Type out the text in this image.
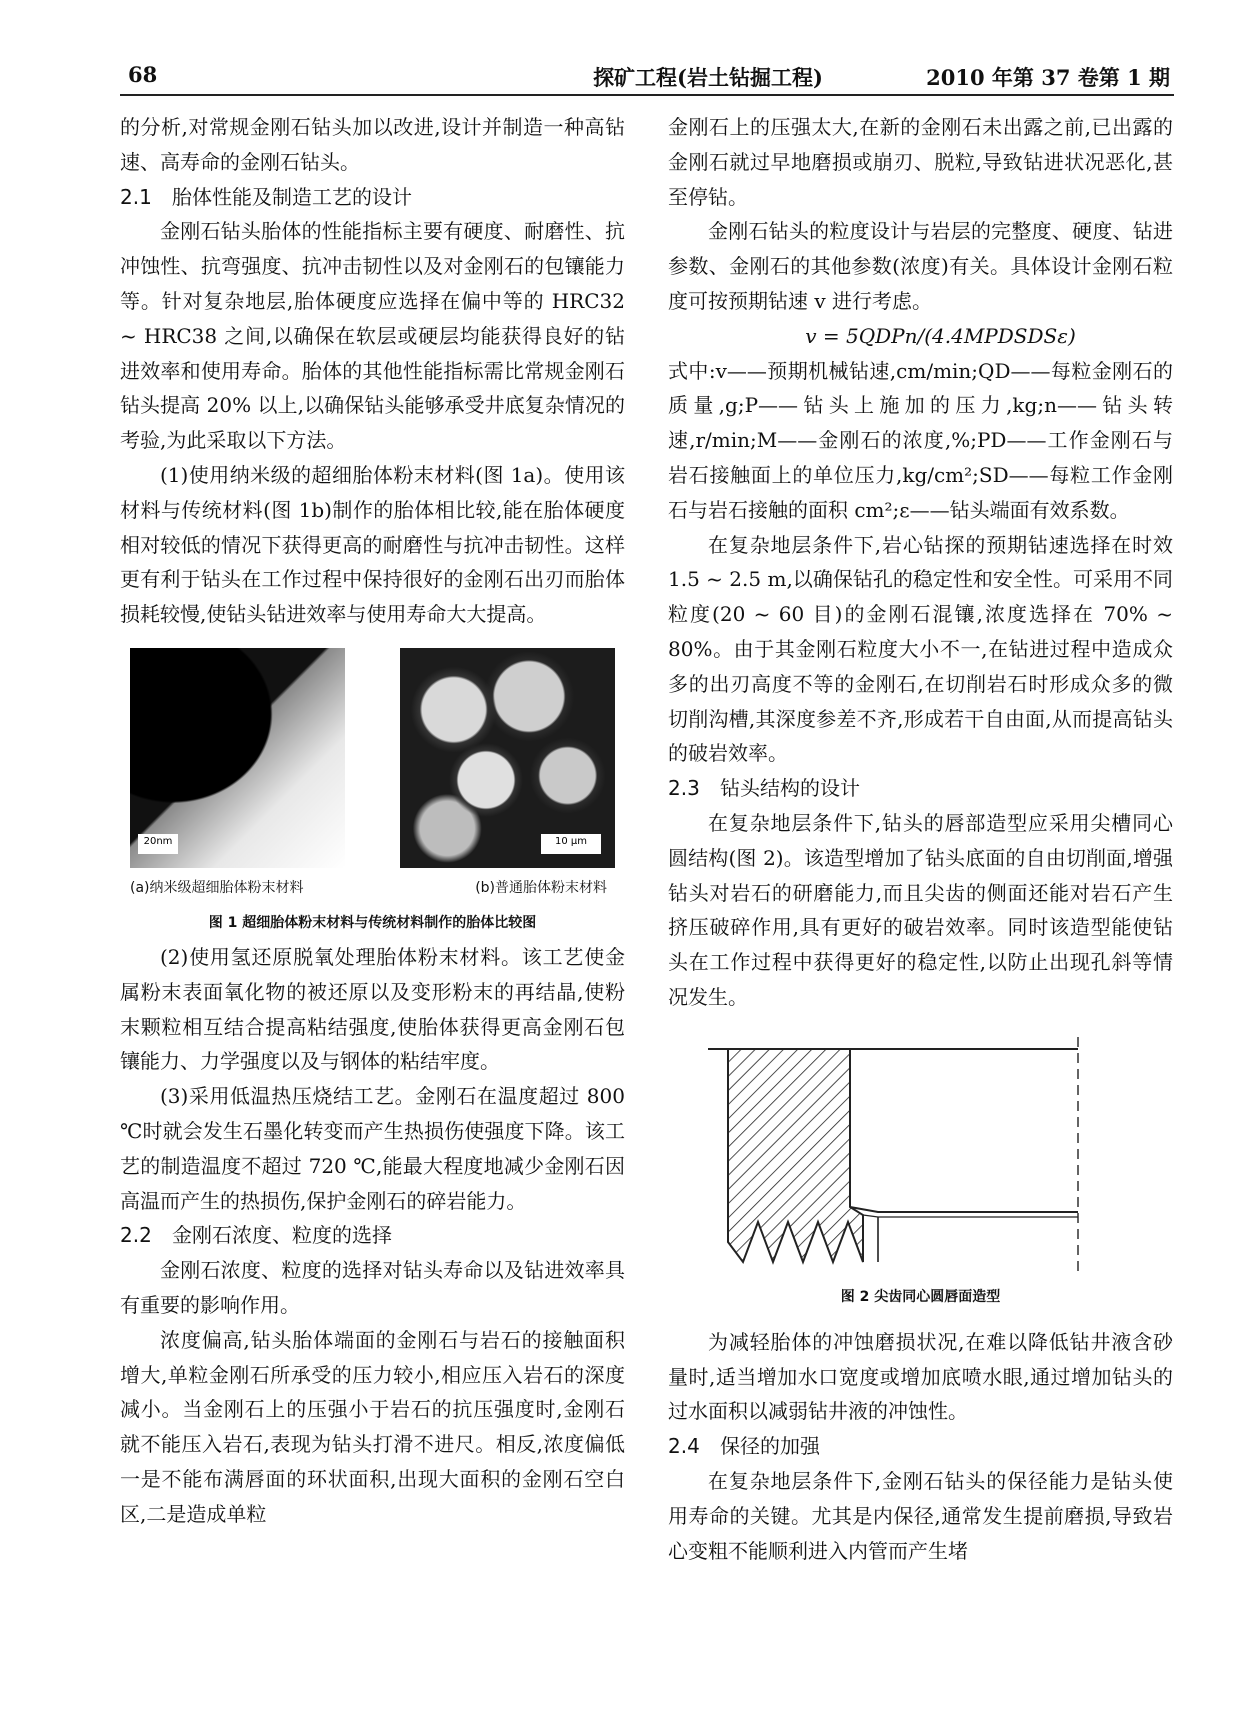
68	探矿工程(岩土钻掘工程)	2010 年第 37 卷第 1 期

的分析,对常规金刚石钻头加以改进,设计并制造一种高钻速、高寿命的金刚石钻头。

2.1 胎体性能及制造工艺的设计

金刚石钻头胎体的性能指标主要有硬度、耐磨性、抗冲蚀性、抗弯强度、抗冲击韧性以及对金刚石的包镶能力等。针对复杂地层,胎体硬度应选择在偏中等的 HRC32 ~ HRC38 之间,以确保在软层或硬层均能获得良好的钻进效率和使用寿命。胎体的其他性能指标需比常规金刚石钻头提高 20% 以上,以确保钻头能够承受井底复杂情况的考验,为此采取以下方法。

(1)使用纳米级的超细胎体粉末材料(图 1a)。使用该材料与传统材料(图 1b)制作的胎体相比较,能在胎体硬度相对较低的情况下获得更高的耐磨性与抗冲击韧性。这样更有利于钻头在工作过程中保持很好的金刚石出刃而胎体损耗较慢,使钻头钻进效率与使用寿命大大提高。

20nm	10 μm
(a)纳米级超细胎体粉末材料	(b)普通胎体粉末材料
图 1 超细胎体粉末材料与传统材料制作的胎体比较图

(2)使用氢还原脱氧处理胎体粉末材料。该工艺使金属粉末表面氧化物的被还原以及变形粉末的再结晶,使粉末颗粒相互结合提高粘结强度,使胎体获得更高金刚石包镶能力、力学强度以及与钢体的粘结牢度。

(3)采用低温热压烧结工艺。金刚石在温度超过 800 ℃时就会发生石墨化转变而产生热损伤使强度下降。该工艺的制造温度不超过 720 ℃,能最大程度地减少金刚石因高温而产生的热损伤,保护金刚石的碎岩能力。

2.2 金刚石浓度、粒度的选择

金刚石浓度、粒度的选择对钻头寿命以及钻进效率具有重要的影响作用。

浓度偏高,钻头胎体端面的金刚石与岩石的接触面积增大,单粒金刚石所承受的压力较小,相应压入岩石的深度减小。当金刚石上的压强小于岩石的抗压强度时,金刚石就不能压入岩石,表现为钻头打滑不进尺。相反,浓度偏低一是不能布满唇面的环状面积,出现大面积的金刚石空白区,二是造成单粒

金刚石上的压强太大,在新的金刚石未出露之前,已出露的金刚石就过早地磨损或崩刃、脱粒,导致钻进状况恶化,甚至停钻。

金刚石钻头的粒度设计与岩层的完整度、硬度、钻进参数、金刚石的其他参数(浓度)有关。具体设计金刚石粒度可按预期钻速 v 进行考虑。

v = 5QDPn/(4.4MPDSDSε)

式中:v——预期机械钻速,cm/min;QD——每粒金刚石的质量,g;P——钻头上施加的压力,kg;n——钻头转速,r/min;M——金刚石的浓度,%;PD——工作金刚石与岩石接触面上的单位压力,kg/cm²;SD——每粒工作金刚石与岩石接触的面积 cm²;ε——钻头端面有效系数。

在复杂地层条件下,岩心钻探的预期钻速选择在时效 1.5 ~ 2.5 m,以确保钻孔的稳定性和安全性。可采用不同粒度(20 ~ 60 目)的金刚石混镶,浓度选择在 70% ~ 80%。由于其金刚石粒度大小不一,在钻进过程中造成众多的出刃高度不等的金刚石,在切削岩石时形成众多的微切削沟槽,其深度参差不齐,形成若干自由面,从而提高钻头的破岩效率。

2.3 钻头结构的设计

在复杂地层条件下,钻头的唇部造型应采用尖槽同心圆结构(图 2)。该造型增加了钻头底面的自由切削面,增强钻头对岩石的研磨能力,而且尖齿的侧面还能对岩石产生挤压破碎作用,具有更好的破岩效率。同时该造型能使钻头在工作过程中获得更好的稳定性,以防止出现孔斜等情况发生。

图 2 尖齿同心圆唇面造型

为减轻胎体的冲蚀磨损状况,在难以降低钻井液含砂量时,适当增加水口宽度或增加底喷水眼,通过增加钻头的过水面积以减弱钻井液的冲蚀性。

2.4 保径的加强

在复杂地层条件下,金刚石钻头的保径能力是钻头使用寿命的关键。尤其是内保径,通常发生提前磨损,导致岩心变粗不能顺利进入内管而产生堵
